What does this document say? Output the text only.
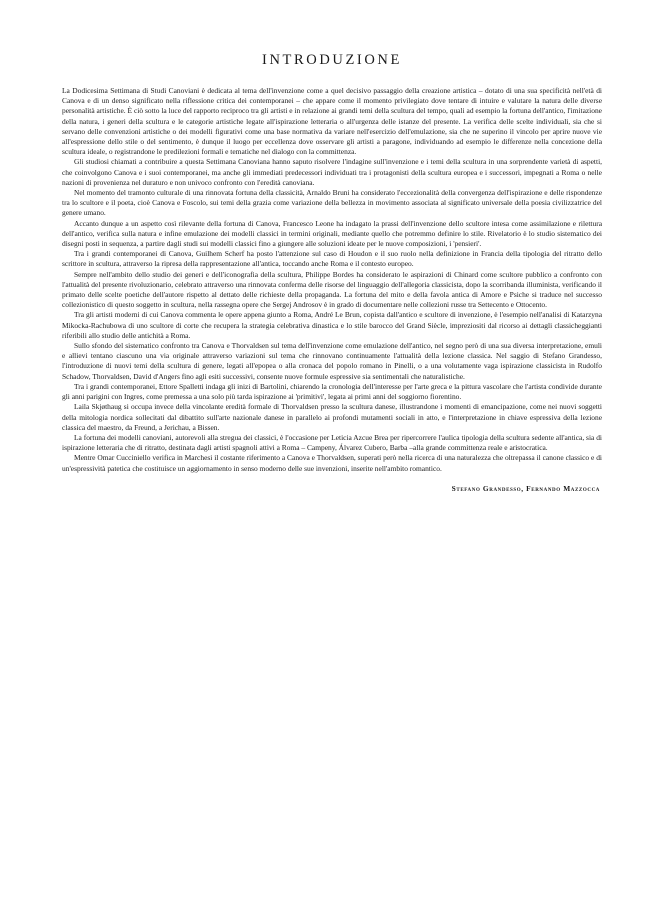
INTRODUZIONE

La Dodicesima Settimana di Studi Canoviani è dedicata al tema dell'invenzione come a quel decisivo passaggio della creazione artistica – dotato di una sua specificità nell'età di Canova e di un denso significato nella riflessione critica dei contemporanei – che appare come il momento privilegiato dove tentare di intuire e valutare la natura delle diverse personalità artistiche. È ciò sotto la luce del rapporto reciproco tra gli artisti e in relazione ai grandi temi della scultura del tempo, quali ad esempio la fortuna dell'antico, l'imitazione della natura, i generi della scultura e le categorie artistiche legate all'ispirazione letteraria o all'urgenza delle istanze del presente. La verifica delle scelte individuali, sia che si servano delle convenzioni artistiche o dei modelli figurativi come una base normativa da variare nell'esercizio dell'emulazione, sia che ne superino il vincolo per aprire nuove vie all'espressione dello stile o del sentimento, è dunque il luogo per eccellenza dove osservare gli artisti a paragone, individuando ad esempio le differenze nella concezione della scultura ideale, o registrandone le predilezioni formali e tematiche nel dialogo con la committenza.

Gli studiosi chiamati a contribuire a questa Settimana Canoviana hanno saputo risolvere l'indagine sull'invenzione e i temi della scultura in una sorprendente varietà di aspetti, che coinvolgono Canova e i suoi contemporanei, ma anche gli immediati predecessori individuati tra i protagonisti della scultura europea e i successori, impegnati a Roma o nelle nazioni di provenienza nel duraturo e non univoco confronto con l'eredità canoviana.

Nel momento del tramonto culturale di una rinnovata fortuna della classicità, Arnaldo Bruni ha considerato l'eccezionalità della convergenza dell'ispirazione e delle rispondenze tra lo scultore e il poeta, cioè Canova e Foscolo, sui temi della grazia come variazione della bellezza in movimento associata al significato universale della poesia civilizzatrice del genere umano.

Accanto dunque a un aspetto così rilevante della fortuna di Canova, Francesco Leone ha indagato la prassi dell'invenzione dello scultore intesa come assimilazione e rilettura dell'antico, verifica sulla natura e infine emulazione dei modelli classici in termini originali, mediante quello che potremmo definire lo stile. Rivelatorio è lo studio sistematico dei disegni posti in sequenza, a partire dagli studi sui modelli classici fino a giungere alle soluzioni ideate per le nuove composizioni, i 'pensieri'.

Tra i grandi contemporanei di Canova, Guilhem Scherf ha posto l'attenzione sul caso di Houdon e il suo ruolo nella definizione in Francia della tipologia del ritratto dello scrittore in scultura, attraverso la ripresa della rappresentazione all'antica, toccando anche Roma e il contesto europeo.

Sempre nell'ambito dello studio dei generi e dell'iconografia della scultura, Philippe Bordes ha considerato le aspirazioni di Chinard come scultore pubblico a confronto con l'attualità del presente rivoluzionario, celebrato attraverso una rinnovata conferma delle risorse del linguaggio dell'allegoria classicista, dopo la scorribanda illuminista, verificando il primato delle scelte poetiche dell'autore rispetto al dettato delle richieste della propaganda. La fortuna del mito e della favola antica di Amore e Psiche si traduce nel successo collezionistico di questo soggetto in scultura, nella rassegna opere che Sergej Androsov è in grado di documentare nelle collezioni russe tra Settecento e Ottocento.

Tra gli artisti moderni di cui Canova commenta le opere appena giunto a Roma, André Le Brun, copista dall'antico e scultore di invenzione, è l'esempio nell'analisi di Katarzyna Mikocka-Rachubowa di uno scultore di corte che recupera la strategia celebrativa dinastica e lo stile barocco del Grand Siècle, impreziositi dal ricorso ai dettagli classicheggianti riferibili allo studio delle antichità a Roma.

Sullo sfondo del sistematico confronto tra Canova e Thorvaldsen sul tema dell'invenzione come emulazione dell'antico, nel segno però di una sua diversa interpretazione, emuli e allievi tentano ciascuno una via originale attraverso variazioni sul tema che rinnovano continuamente l'attualità della lezione classica. Nel saggio di Stefano Grandesso, l'introduzione di nuovi temi della scultura di genere, legati all'epopea o alla cronaca del popolo romano in Pinelli, o a una volutamente vaga ispirazione classicista in Rudolfo Schadow, Thorvaldsen, David d'Angers fino agli esiti successivi, consente nuove formule espressive sia sentimentali che naturalistiche.

Tra i grandi contemporanei, Ettore Spalletti indaga gli inizi di Bartolini, chiarendo la cronologia dell'interesse per l'arte greca e la pittura vascolare che l'artista condivide durante gli anni parigini con Ingres, come premessa a una solo più tarda ispirazione ai 'primitivi', legata ai primi anni del soggiorno fiorentino.

Laila Skjøthaug si occupa invece della vincolante eredità formale di Thorvaldsen presso la scultura danese, illustrandone i momenti di emancipazione, come nei nuovi soggetti della mitologia nordica sollecitati dal dibattito sull'arte nazionale danese in parallelo ai profondi mutamenti sociali in atto, e l'interpretazione in chiave espressiva della lezione classica del maestro, da Freund, a Jerichau, a Bissen.

La fortuna dei modelli canoviani, autorevoli alla stregua dei classici, è l'occasione per Leticia Azcue Brea per ripercorrere l'aulica tipologia della scultura sedente all'antica, sia di ispirazione letteraria che di ritratto, destinata dagli artisti spagnoli attivi a Roma – Campeny, Álvarez Cubero, Barba –alla grande committenza reale e aristocratica.

Mentre Omar Cucciniello verifica in Marchesi il costante riferimento a Canova e Thorvaldsen, superati però nella ricerca di una naturalezza che oltrepassa il canone classico e di un'espressività patetica che costituisce un aggiornamento in senso moderno delle sue invenzioni, inserite nell'ambito romantico.

Stefano Grandesso, Fernando Mazzocca
